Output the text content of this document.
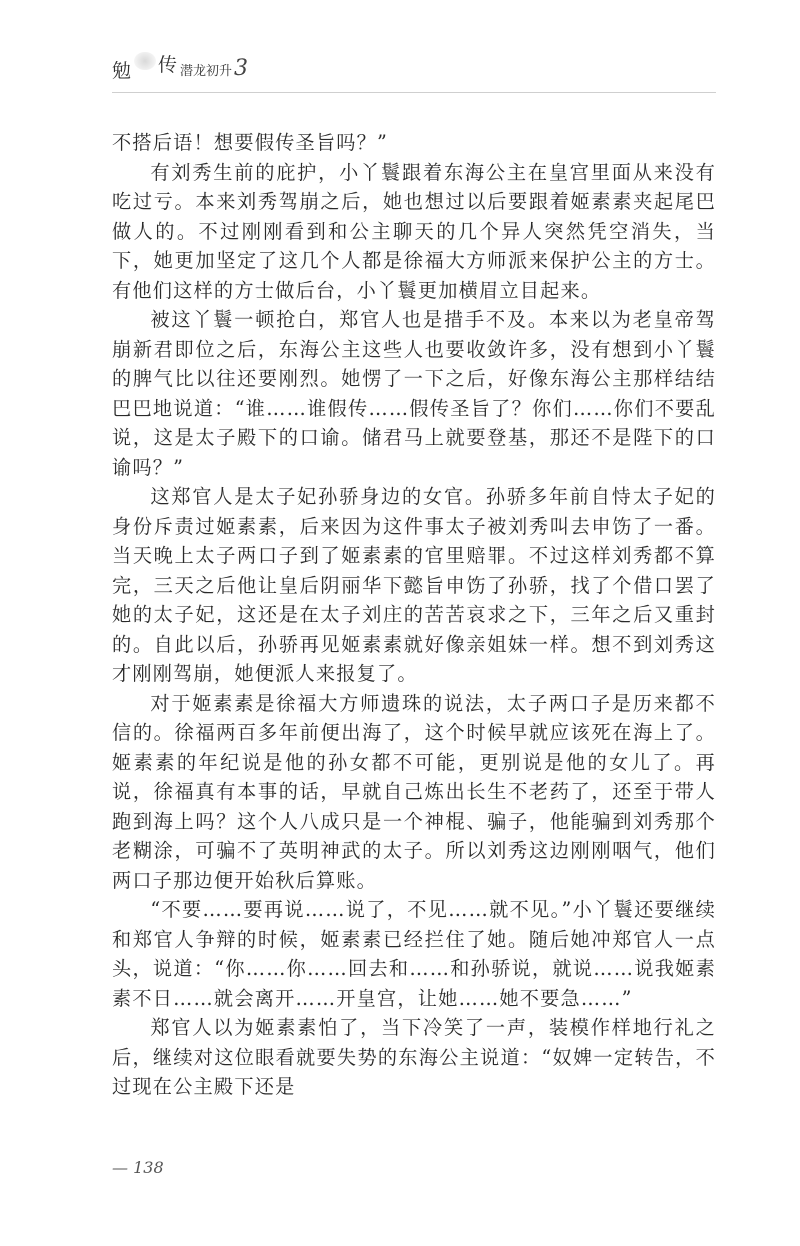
勉 传 潜龙初升 3

不搭后语！想要假传圣旨吗？”

有刘秀生前的庇护，小丫鬟跟着东海公主在皇宫里面从来没有吃过亏。本来刘秀驾崩之后，她也想过以后要跟着姬素素夹起尾巴做人的。不过刚刚看到和公主聊天的几个异人突然凭空消失，当下，她更加坚定了这几个人都是徐福大方师派来保护公主的方士。有他们这样的方士做后台，小丫鬟更加横眉立目起来。

被这丫鬟一顿抢白，郑官人也是措手不及。本来以为老皇帝驾崩新君即位之后，东海公主这些人也要收敛许多，没有想到小丫鬟的脾气比以往还要刚烈。她愣了一下之后，好像东海公主那样结结巴巴地说道：“谁……谁假传……假传圣旨了？你们……你们不要乱说，这是太子殿下的口谕。储君马上就要登基，那还不是陛下的口谕吗？”

这郑官人是太子妃孙骄身边的女官。孙骄多年前自恃太子妃的身份斥责过姬素素，后来因为这件事太子被刘秀叫去申饬了一番。当天晚上太子两口子到了姬素素的官里赔罪。不过这样刘秀都不算完，三天之后他让皇后阴丽华下懿旨申饬了孙骄，找了个借口罢了她的太子妃，这还是在太子刘庄的苦苦哀求之下，三年之后又重封的。自此以后，孙骄再见姬素素就好像亲姐妹一样。想不到刘秀这才刚刚驾崩，她便派人来报复了。

对于姬素素是徐福大方师遗珠的说法，太子两口子是历来都不信的。徐福两百多年前便出海了，这个时候早就应该死在海上了。姬素素的年纪说是他的孙女都不可能，更别说是他的女儿了。再说，徐福真有本事的话，早就自己炼出长生不老药了，还至于带人跑到海上吗？这个人八成只是一个神棍、骗子，他能骗到刘秀那个老糊涂，可骗不了英明神武的太子。所以刘秀这边刚刚咽气，他们两口子那边便开始秋后算账。

“不要……要再说……说了，不见……就不见。”小丫鬟还要继续和郑官人争辩的时候，姬素素已经拦住了她。随后她冲郑官人一点头，说道：“你……你……回去和……和孙骄说，就说……说我姬素素不日……就会离开……开皇宫，让她……她不要急……”

郑官人以为姬素素怕了，当下冷笑了一声，装模作样地行礼之后，继续对这位眼看就要失势的东海公主说道：“奴婢一定转告，不过现在公主殿下还是

— 138
